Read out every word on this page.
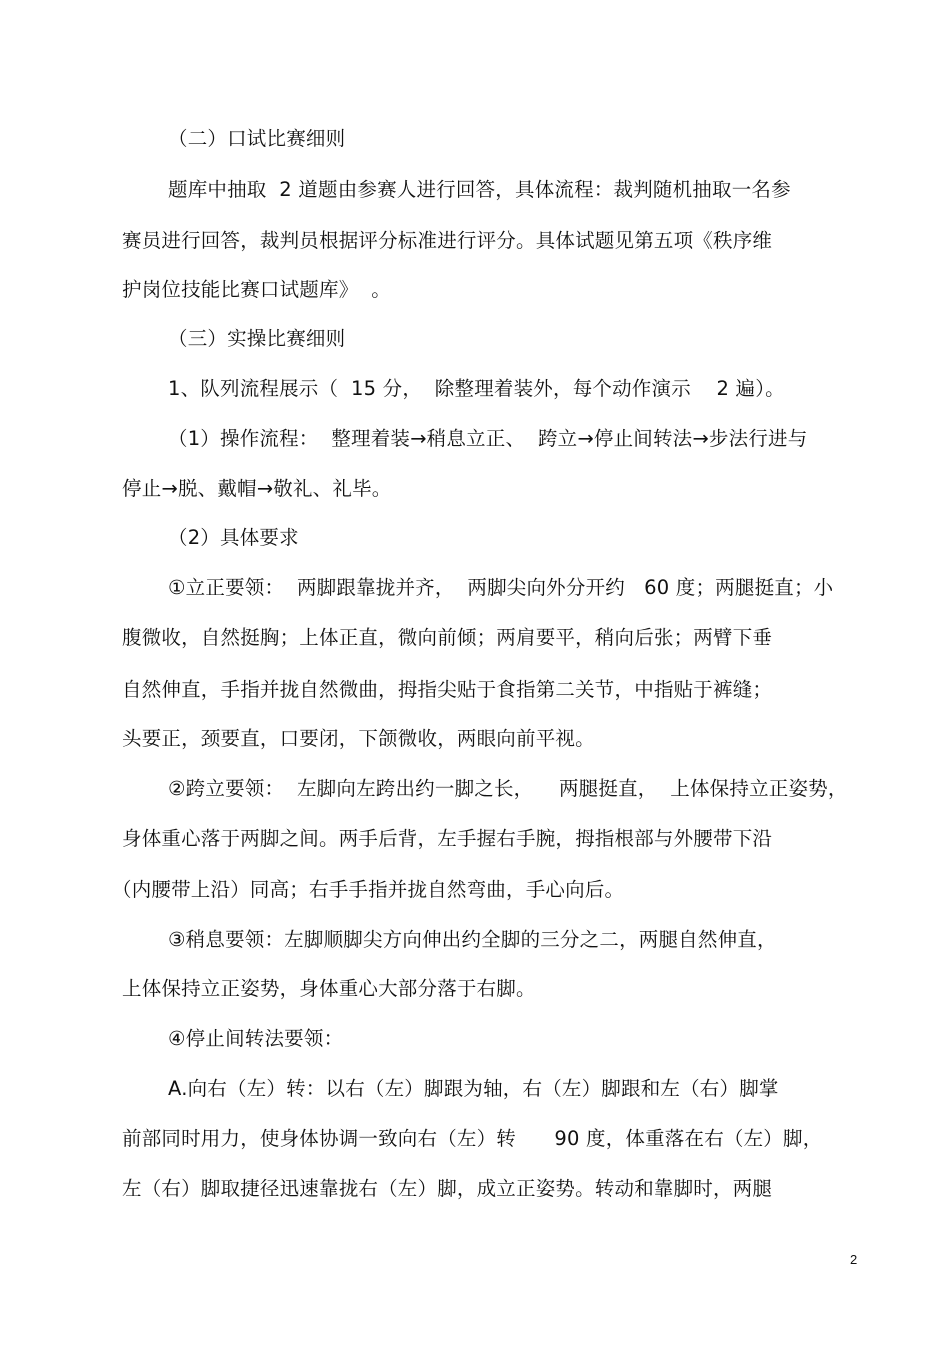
（二）口试比赛细则
题库中抽取  2 道题由参赛人进行回答，具体流程：裁判随机抽取一名参
赛员进行回答，裁判员根据评分标准进行评分。具体试题见第五项《秩序维
护岗位技能比赛口试题库》  。
（三）实操比赛细则
1、队列流程展示（  15 分，  除整理着装外，每个动作演示    2 遍）。
（1）操作流程：  整理着装→稍息立正、  跨立→停止间转法→步法行进与
停止→脱、戴帽→敬礼、礼毕。
（2）具体要求
①立正要领：  两脚跟靠拢并齐，  两脚尖向外分开约   60 度；两腿挺直；小
腹微收，自然挺胸；上体正直，微向前倾；两肩要平，稍向后张；两臂下垂
自然伸直，手指并拢自然微曲，拇指尖贴于食指第二关节，中指贴于裤缝；
头要正，颈要直，口要闭，下颌微收，两眼向前平视。
②跨立要领：  左脚向左跨出约一脚之长，    两腿挺直，  上体保持立正姿势，
身体重心落于两脚之间。两手后背，左手握右手腕，拇指根部与外腰带下沿
（内腰带上沿）同高；右手手指并拢自然弯曲，手心向后。
③稍息要领：左脚顺脚尖方向伸出约全脚的三分之二，两腿自然伸直，
上体保持立正姿势，身体重心大部分落于右脚。
④停止间转法要领：
A.向右（左）转：以右（左）脚跟为轴，右（左）脚跟和左（右）脚掌
前部同时用力，使身体协调一致向右（左）转      90 度，体重落在右（左）脚，
左（右）脚取捷径迅速靠拢右（左）脚，成立正姿势。转动和靠脚时，两腿
2
